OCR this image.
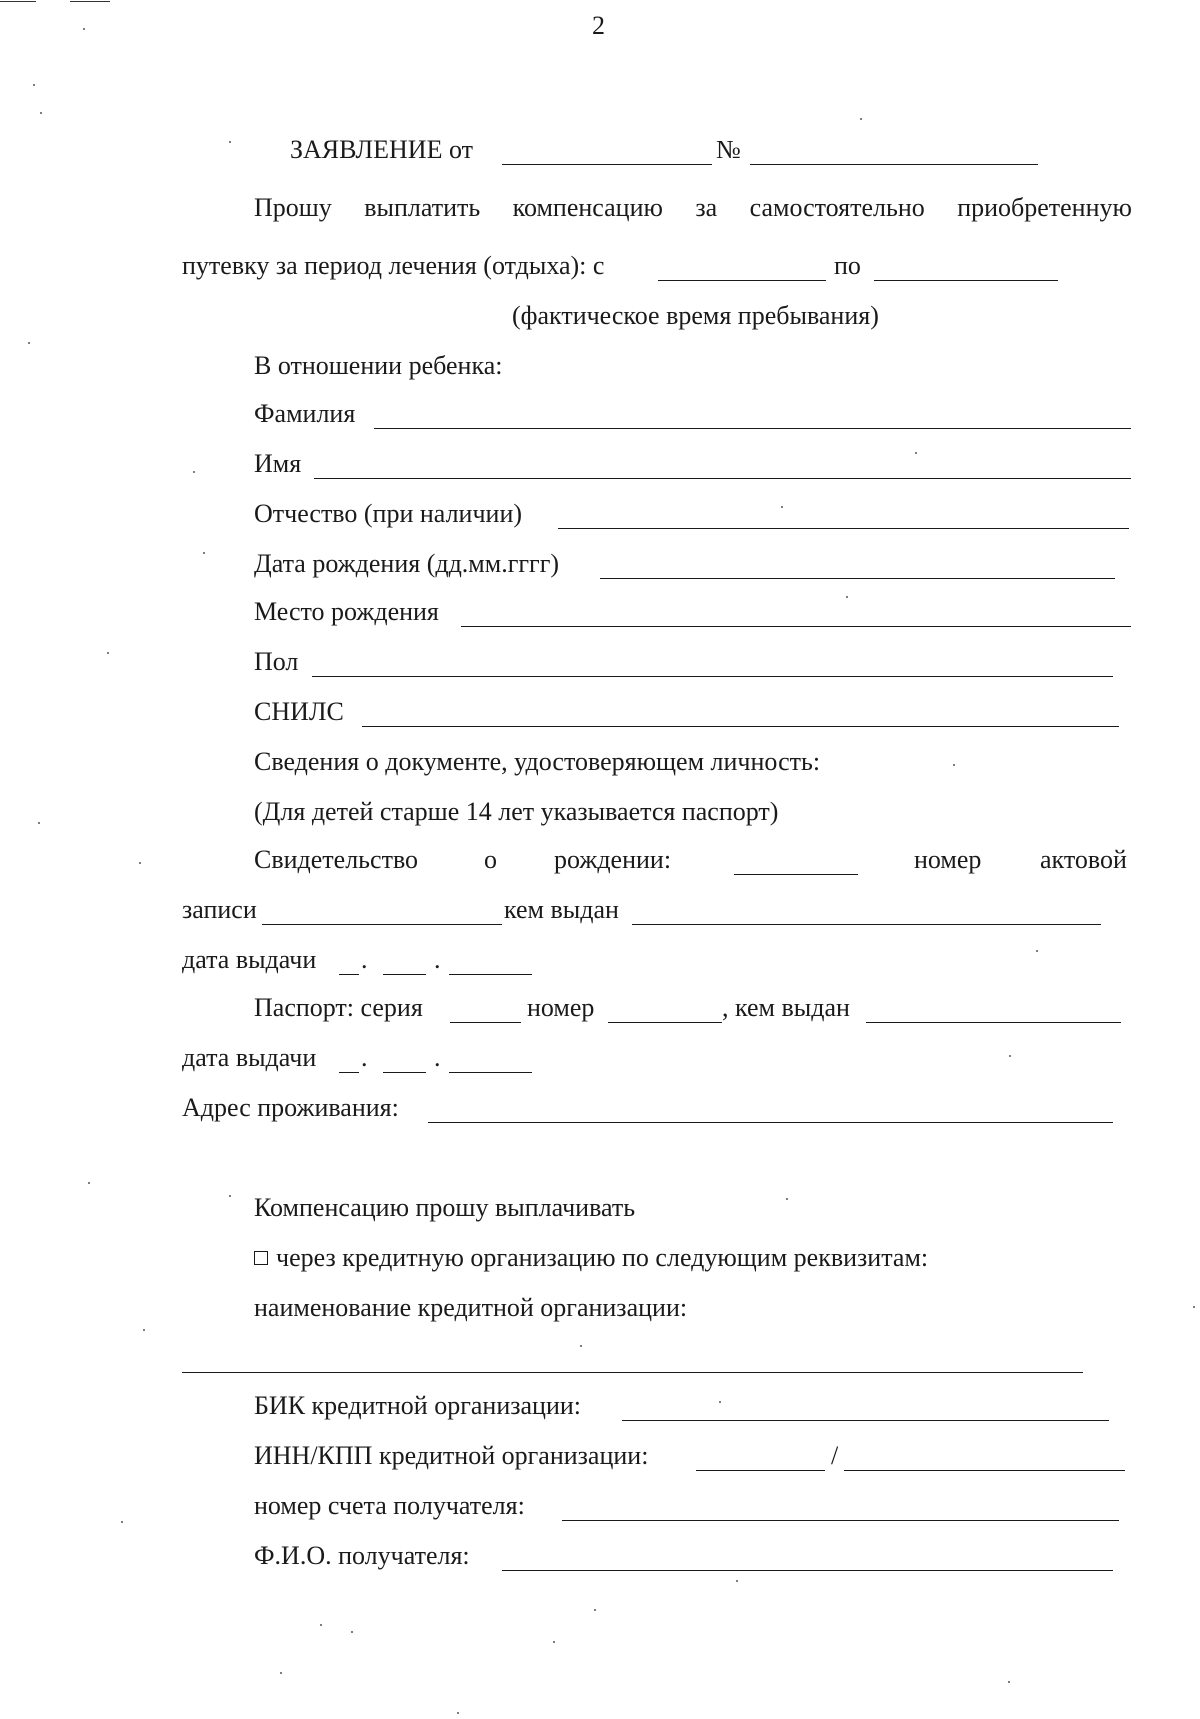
2
ЗАЯВЛЕНИЕ от	№
Прошу выплатить компенсацию за самостоятельно приобретенную
путевку за период лечения (отдыха): с	по
(фактическое время пребывания)
В отношении ребенка:
Фамилия
Имя
Отчество (при наличии)
Дата рождения (дд.мм.гггг)
Место рождения
Пол
СНИЛС
Сведения о документе, удостоверяющем личность:
(Для детей старше 14 лет указывается паспорт)
Свидетельство	о рождении:	номер актовой
записи	кем выдан
дата выдачи .	.
Паспорт: серия	номер	, кем выдан
дата выдачи .	.
Адрес проживания:
Компенсацию прошу выплачивать
через кредитную организацию по следующим реквизитам:
наименование кредитной организации:
БИК кредитной организации:
ИНН/КПП кредитной организации:	/
номер счета получателя:
Ф.И.О. получателя:
